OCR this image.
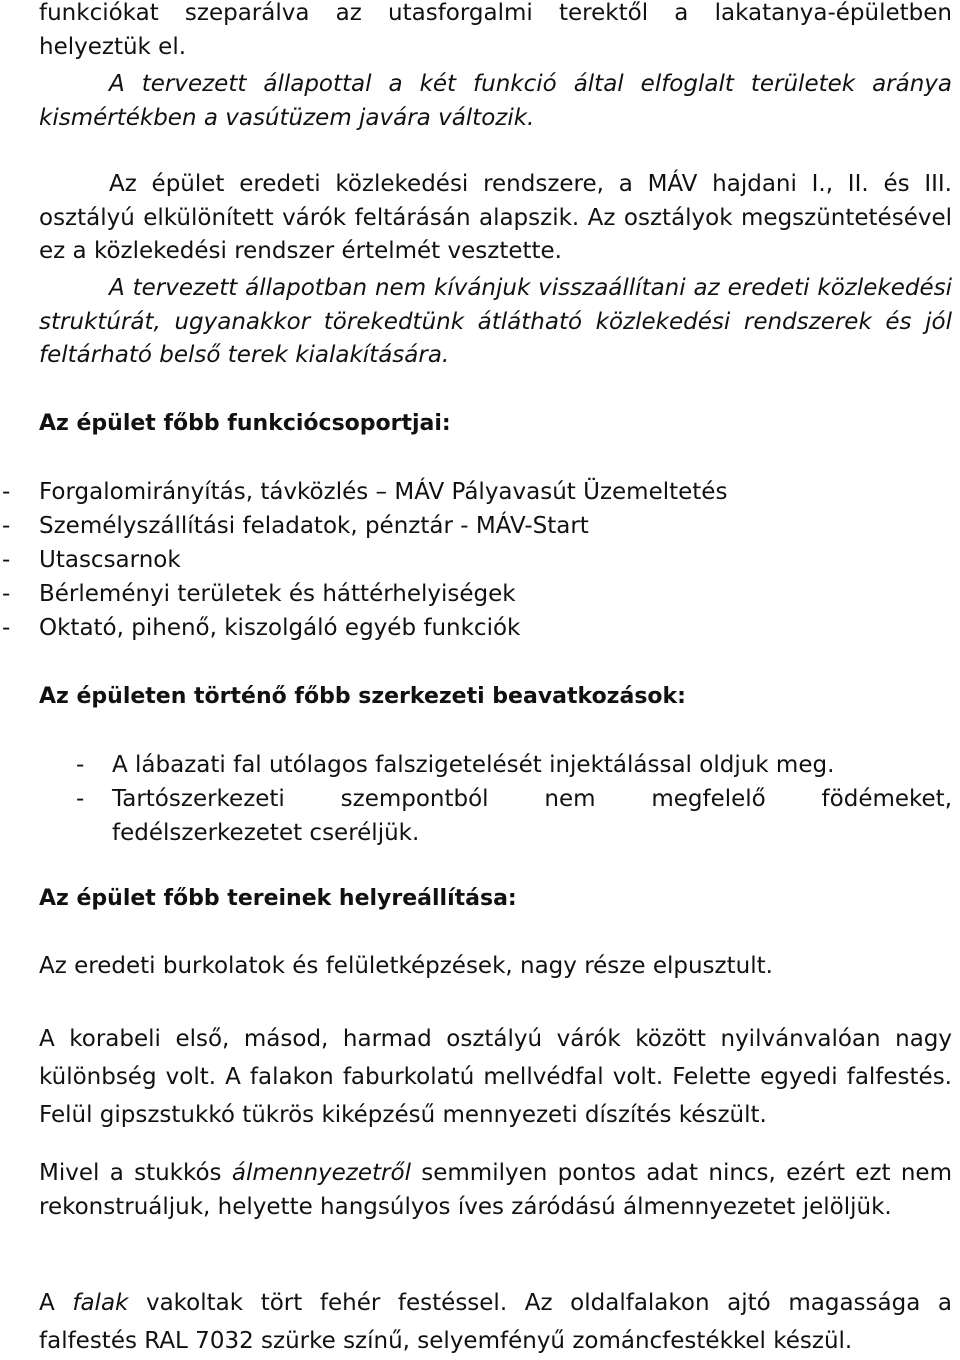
funkciókat szeparálva az utasforgalmi terektől a lakatanya-épületben helyeztük el.

A tervezett állapottal a két funkció által elfoglalt területek aránya kismértékben a vasútüzem javára változik.

Az épület eredeti közlekedési rendszere, a MÁV hajdani I., II. és III. osztályú elkülönített várók feltárásán alapszik. Az osztályok megszüntetésével ez a közlekedési rendszer értelmét vesztette.

A tervezett állapotban nem kívánjuk visszaállítani az eredeti közlekedési struktúrát, ugyanakkor törekedtünk átlátható közlekedési rendszerek és jól feltárható belső terek kialakítására.

Az épület főbb funkciócsoportjai:
-	Forgalomirányítás, távközlés – MÁV Pályavasút Üzemeltetés
-	Személyszállítási feladatok, pénztár - MÁV-Start
-	Utascsarnok
-	Bérleményi területek és háttérhelyiségek
-	Oktató, pihenő, kiszolgáló egyéb funkciók
Az épületen történő főbb szerkezeti beavatkozások:
-	A lábazati fal utólagos falszigetelését injektálással oldjuk meg.
-	Tartószerkezeti szempontból nem megfelelő födémeket, fedélszerkezetet cseréljük.
Az épület főbb tereinek helyreállítása:

Az eredeti burkolatok és felületképzések, nagy része elpusztult.

A korabeli első, másod, harmad osztályú várók között nyilvánvalóan nagy különbség volt. A falakon faburkolatú mellvédfal volt. Felette egyedi falfestés. Felül gipszstukkó tükrös kiképzésű mennyezeti díszítés készült.

Mivel a stukkós álmennyezetről semmilyen pontos adat nincs, ezért ezt nem rekonstruáljuk, helyette hangsúlyos íves záródású álmennyezetet jelöljük.

A falak vakoltak tört fehér festéssel. Az oldalfalakon ajtó magassága a falfestés RAL 7032 szürke színű, selyemfényű zománcfestékkel készül.
